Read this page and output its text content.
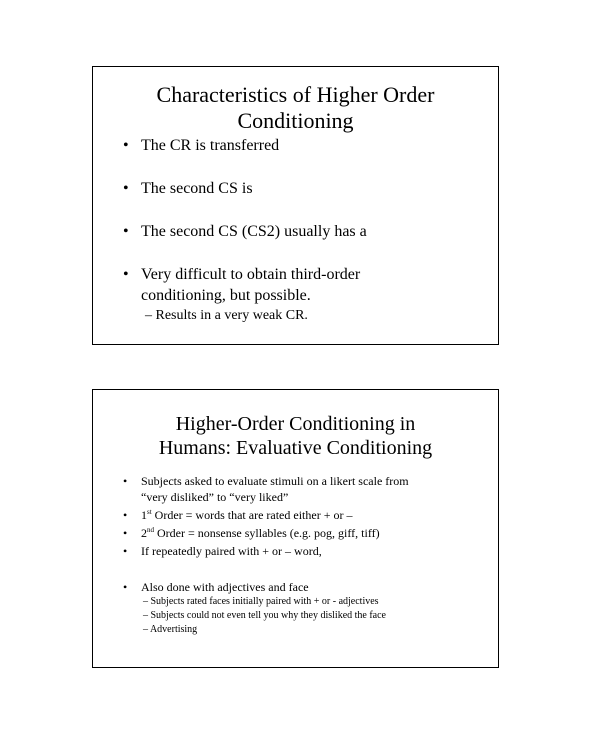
Characteristics of Higher Order
Conditioning
• The CR is transferred
• The second CS is
• The second CS (CS2) usually has a
• Very difficult to obtain third-order
conditioning, but possible.
– Results in a very weak CR.
Higher-Order Conditioning in
Humans: Evaluative Conditioning
• Subjects asked to evaluate stimuli on a likert scale from
“very disliked” to “very liked”
• 1st Order = words that are rated either + or –
• 2nd Order = nonsense syllables (e.g. pog, giff, tiff)
• If repeatedly paired with + or – word,
• Also done with adjectives and face
– Subjects rated faces initially paired with + or - adjectives
– Subjects could not even tell you why they disliked the face
– Advertising
